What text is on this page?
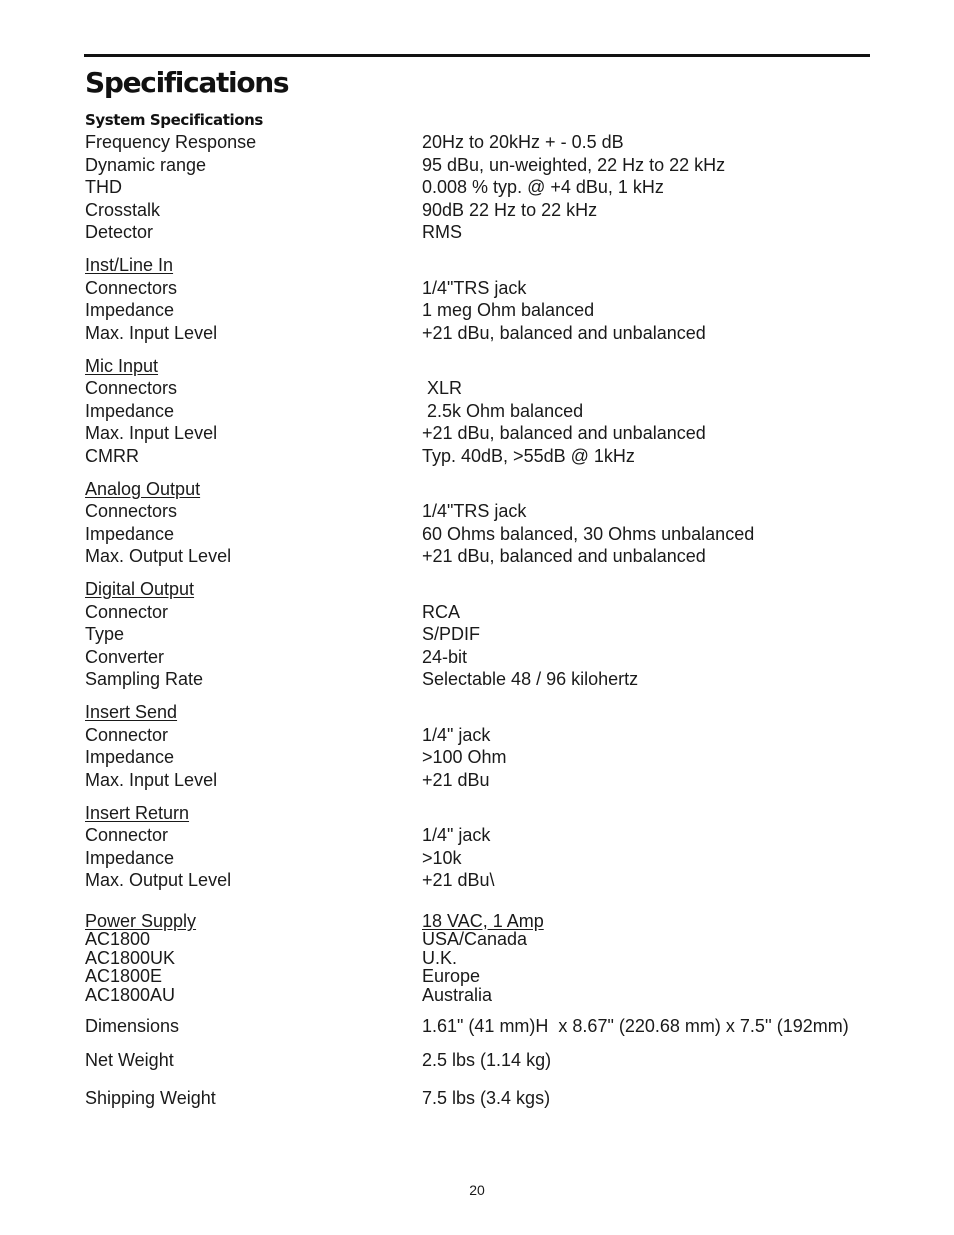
Specifications
System Specifications
Frequency Response	20Hz to 20kHz + - 0.5 dB
Dynamic range	95 dBu, un-weighted, 22 Hz to 22 kHz
THD	0.008 % typ. @ +4 dBu, 1 kHz
Crosstalk	90dB 22 Hz to 22 kHz
Detector	RMS
Inst/Line In
Connectors	1/4"TRS jack
Impedance	1 meg Ohm balanced
Max. Input Level	+21 dBu, balanced and unbalanced
Mic Input
Connectors	XLR
Impedance	2.5k Ohm balanced
Max. Input Level	+21 dBu, balanced and unbalanced
CMRR	Typ. 40dB, >55dB @ 1kHz
Analog Output
Connectors	1/4"TRS jack
Impedance	60 Ohms balanced, 30 Ohms unbalanced
Max. Output Level	+21 dBu, balanced and unbalanced
Digital Output
Connector	RCA
Type	S/PDIF
Converter	24-bit
Sampling Rate	Selectable 48 / 96 kilohertz
Insert Send
Connector	1/4" jack
Impedance	>100 Ohm
Max. Input Level	+21 dBu
Insert Return
Connector	1/4" jack
Impedance	>10k
Max. Output Level	+21 dBu\
Power Supply	18 VAC, 1 Amp
AC1800	USA/Canada
AC1800UK	U.K.
AC1800E	Europe
AC1800AU	Australia
Dimensions	1.61" (41 mm)H  x 8.67" (220.68 mm) x 7.5'' (192mm)
Net Weight	2.5 lbs (1.14 kg)
Shipping Weight	7.5 lbs (3.4 kgs)
20
